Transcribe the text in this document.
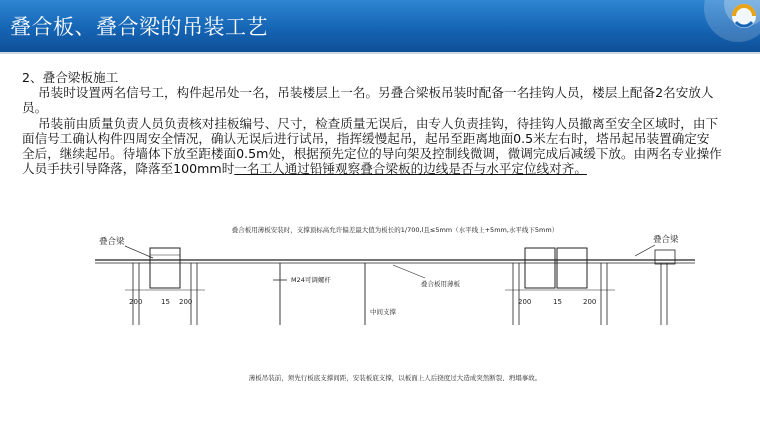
叠合板、叠合梁的吊装工艺

2、叠合梁板施工

吊装时设置两名信号工，构件起吊处一名，吊装楼层上一名。另叠合梁板吊装时配备一名挂钩人员，楼层上配备2名安放人员。

吊装前由质量负责人员负责核对挂板编号、尺寸，检查质量无误后，由专人负责挂钩，待挂钩人员撤离至安全区域时，由下面信号工确认构件四周安全情况，确认无误后进行试吊，指挥缓慢起吊，起吊至距离地面0.5米左右时，塔吊起吊装置确定安全后，继续起吊。待墙体下放至距楼面0.5m处，根据预先定位的导向架及控制线微调，微调完成后减缓下放。由两名专业操作人员手扶引导降落，降落至100mm时一名工人通过铅锤观察叠合梁板的边线是否与水平定位线对齐。

叠合板用薄板安装时，支撑顶标高允许偏差最大值为板长的1/700,l且≤5mm（水平线上+5mm,水平线下5mm）
叠合梁
200	15 200
M24可调螺杆
中间支撑
叠合板用薄板
叠合梁
200	15	200
薄板吊装前，须先行板底支撑间距，安装板底支撑，以板面上人后挠度过大造成突然断裂、坍塌事故。
